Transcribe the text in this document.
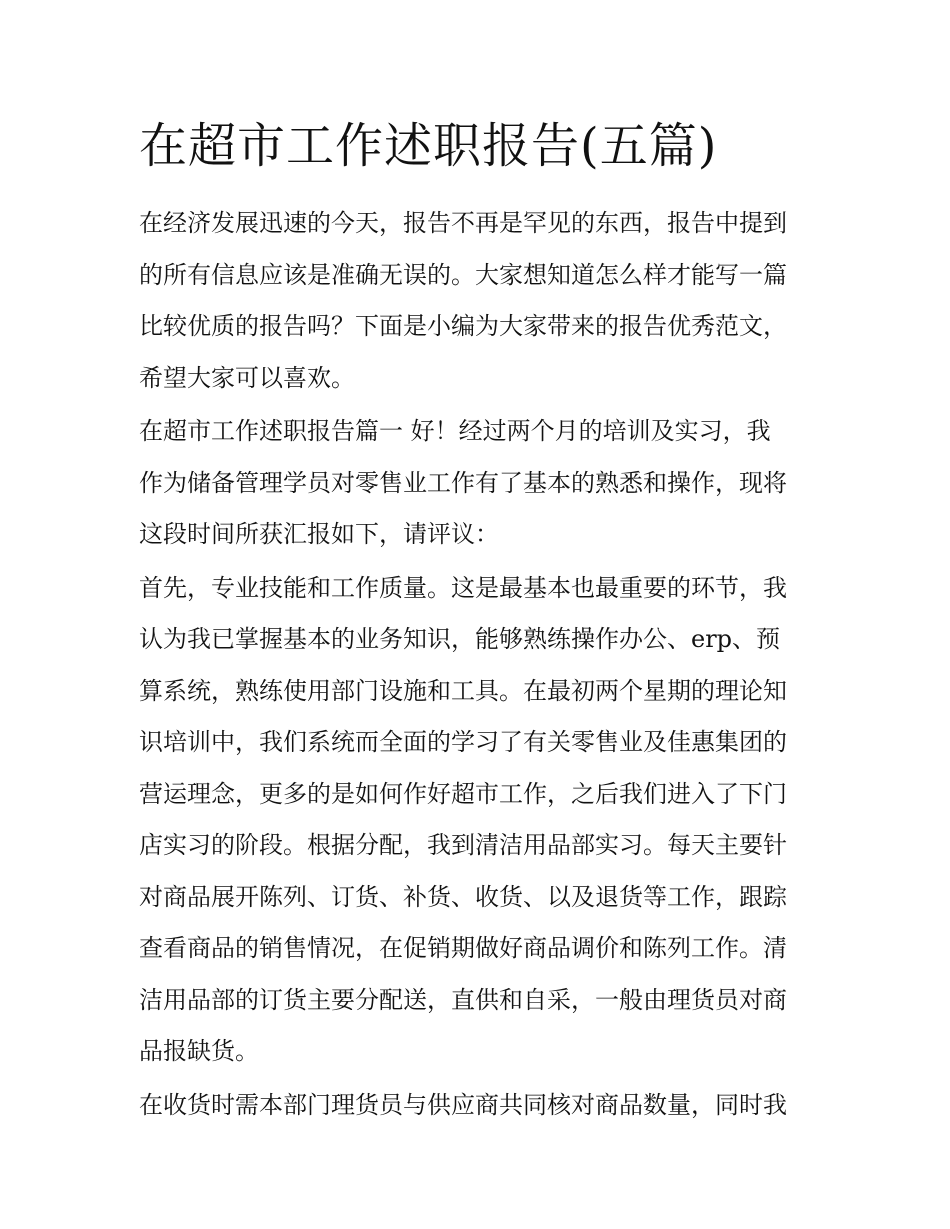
在超市工作述职报告(五篇)
在经济发展迅速的今天，报告不再是罕见的东西，报告中提到
的所有信息应该是准确无误的。大家想知道怎么样才能写一篇
比较优质的报告吗？下面是小编为大家带来的报告优秀范文，
希望大家可以喜欢。
在超市工作述职报告篇一 好！经过两个月的培训及实习，我
作为储备管理学员对零售业工作有了基本的熟悉和操作，现将
这段时间所获汇报如下，请评议：
首先，专业技能和工作质量。这是最基本也最重要的环节，我
认为我已掌握基本的业务知识，能够熟练操作办公、erp、预
算系统，熟练使用部门设施和工具。在最初两个星期的理论知
识培训中，我们系统而全面的学习了有关零售业及佳惠集团的
营运理念，更多的是如何作好超市工作，之后我们进入了下门
店实习的阶段。根据分配，我到清洁用品部实习。每天主要针
对商品展开陈列、订货、补货、收货、以及退货等工作，跟踪
查看商品的销售情况，在促销期做好商品调价和陈列工作。清
洁用品部的订货主要分配送，直供和自采，一般由理货员对商
品报缺货。
在收货时需本部门理货员与供应商共同核对商品数量，同时我
